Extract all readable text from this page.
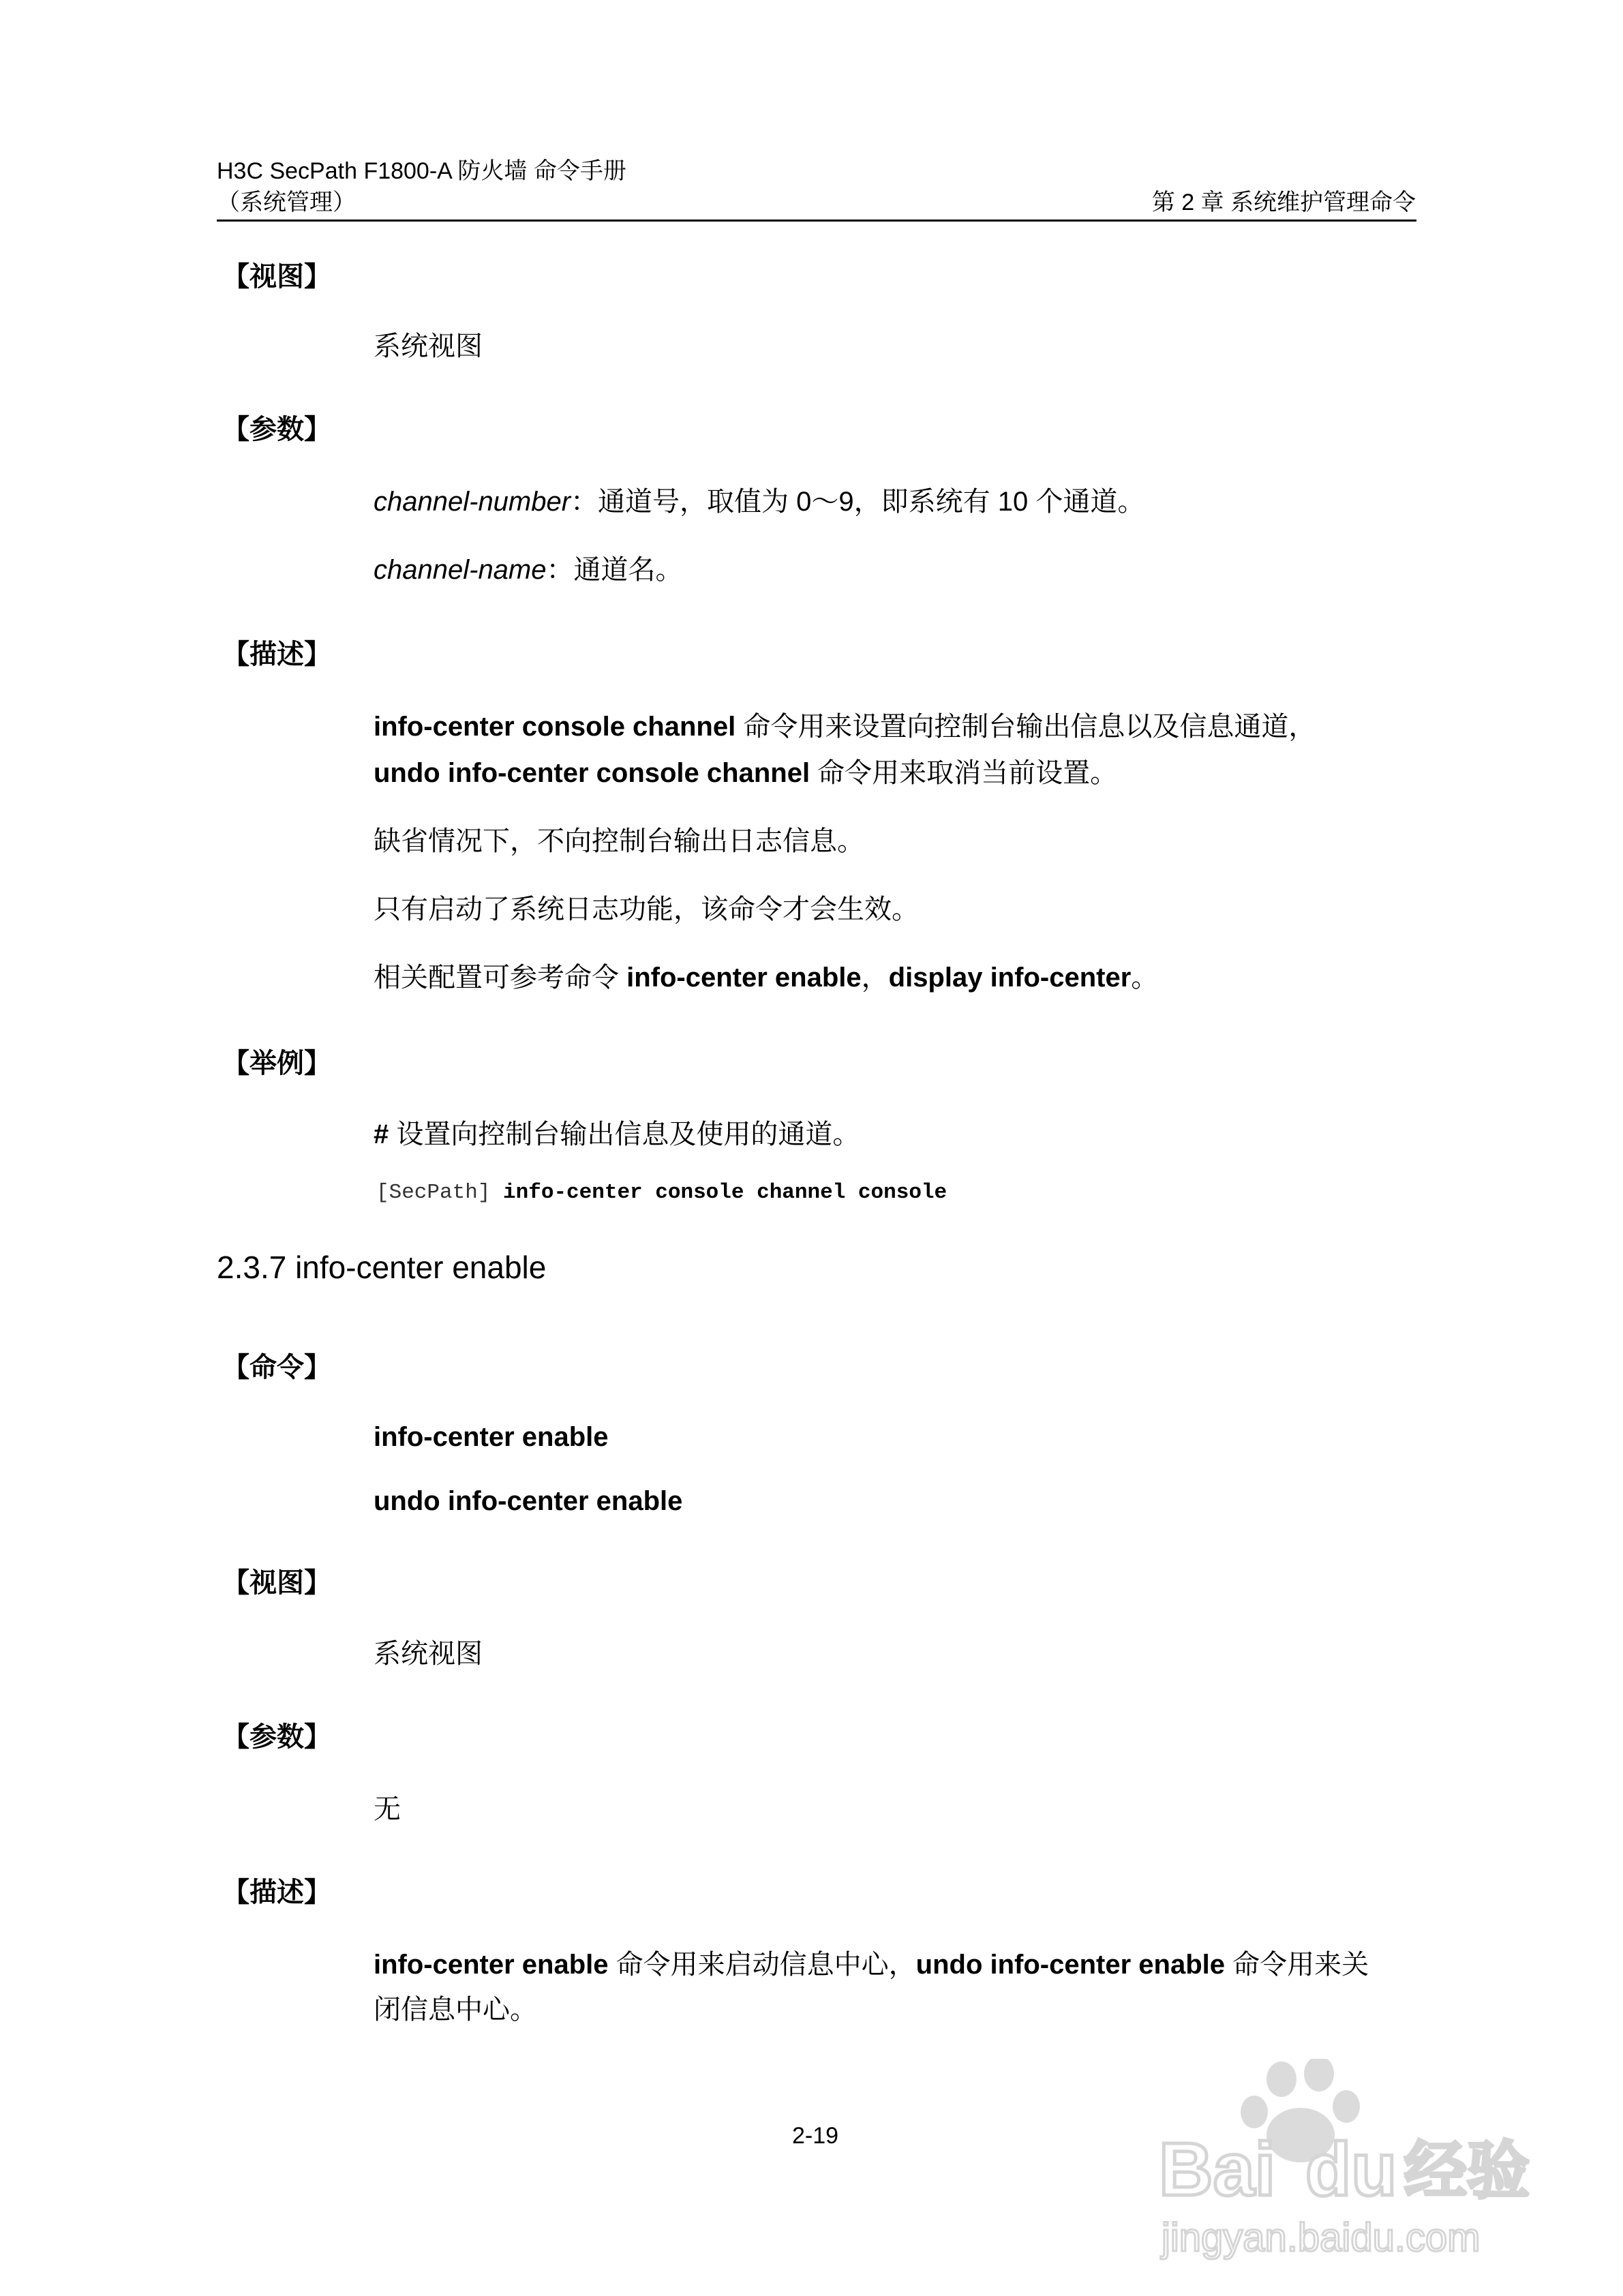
H3C SecPath F1800-A 防火墙 命令手册
（系统管理）	第 2 章 系统维护管理命令
【视图】
系统视图
【参数】
channel-number：通道号，取值为 0～9，即系统有 10 个通道。
channel-name：通道名。
【描述】
info-center console channel 命令用来设置向控制台输出信息以及信息通道，
undo info-center console channel 命令用来取消当前设置。
缺省情况下，不向控制台输出日志信息。
只有启动了系统日志功能，该命令才会生效。
相关配置可参考命令 info-center enable，display info-center。
【举例】
# 设置向控制台输出信息及使用的通道。
[SecPath] info-center console channel console
2.3.7 info-center enable
【命令】
info-center enable
undo info-center enable
【视图】
系统视图
【参数】
无
【描述】
info-center enable 命令用来启动信息中心，undo info-center enable 命令用来关
闭信息中心。
2-19	Bai du 经验
jingyan.baidu.com
